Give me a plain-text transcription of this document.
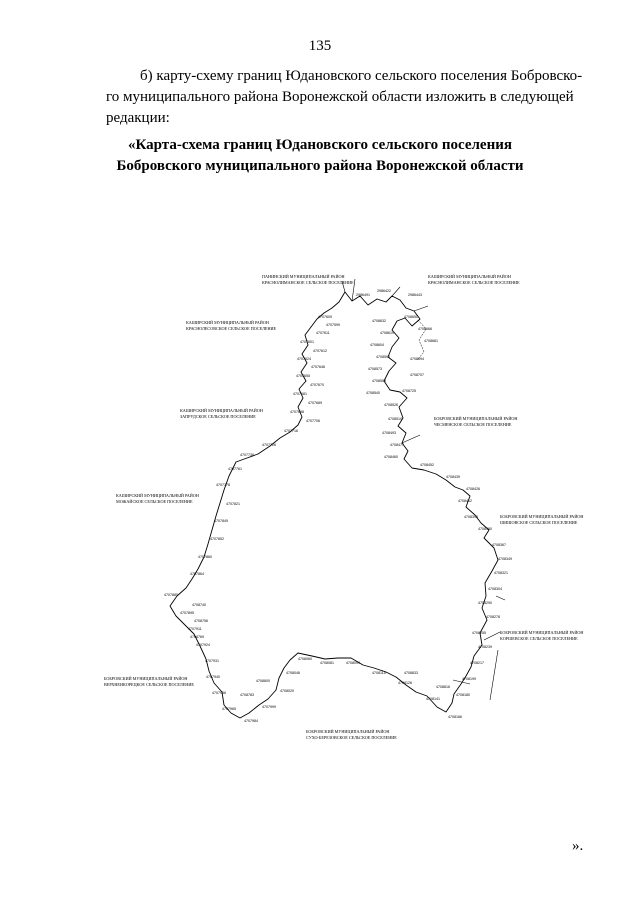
135

б) карту-схему границ Юдановского сельского поселения Бобровско-

го муниципального района Воронежской области изложить в следующей
редакции:
«Карта-схема границ Юдановского сельского поселения
Бобровского муниципального района Воронежской области
2986491
2986422
2986443
4707609
4707599
4707611
4707601
4707612
4707624
4707646
4707655
4707670
4707681
4707689
4707698
4707706
4707716
4707726
4707736
4707761
4707778
4707821
4707849
4707852
4707860
4707864
4707885
4707895
4707911
4707924
4707931
4707940
4707956
4707965
4707984
4707999
4708020
4708046
4708060
4708081	4708099
4708115
4708126
4708141
4708166
4708180
4708199
4708217
4708239
4708255
4708278
4708290
4708304
4708321
4708349
4708367
4708380
4708395
4708412
4708426
4708439
4708452
4708460
4708477
4708493
4708510
4708526
4708540
4708559
4708573
4708590
4708604
4708619
4708632
4708650
4708666
4708681
4708694
4708707
4708725
4708740
4708756
4708769
4708783
4708800
4708816
4708833
ПАНИНСКИЙ МУНИЦИПАЛЬНЫЙ РАЙОН
КРАСНОЛИМАНСКОЕ СЕЛЬСКОЕ ПОСЕЛЕНИЕ
КАШИРСКИЙ МУНИЦИПАЛЬНЫЙ РАЙОН
КРАСНОЛИМАНСКОЕ СЕЛЬСКОЕ ПОСЕЛЕНИЕ
КАШИРСКИЙ МУНИЦИПАЛЬНЫЙ РАЙОН
КРАСНОЛЕСОВСКОЕ СЕЛЬСКОЕ ПОСЕЛЕНИЕ
КАШИРСКИЙ МУНИЦИПАЛЬНЫЙ РАЙОН
ЗАПРУДСКОЕ СЕЛЬСКОЕ ПОСЕЛЕНИЕ	БОБРОВСКИЙ МУНИЦИПАЛЬНЫЙ РАЙОН
ЧЕСМЕНСКОЕ СЕЛЬСКОЕ ПОСЕЛЕНИЕ
КАШИРСКИЙ МУНИЦИПАЛЬНЫЙ РАЙОН
МОЖАЙСКОЕ СЕЛЬСКОЕ ПОСЕЛЕНИЕ
БОБРОВСКИЙ МУНИЦИПАЛЬНЫЙ РАЙОН
ШИШОВСКОЕ СЕЛЬСКОЕ ПОСЕЛЕНИЕ
БОБРОВСКИЙ МУНИЦИПАЛЬНЫЙ РАЙОН
КОРШЕВСКОЕ СЕЛЬСКОЕ ПОСЕЛЕНИЕ
БОБРОВСКИЙ МУНИЦИПАЛЬНЫЙ РАЙОН
ВЕРХНЕИКОРЕЦКОЕ СЕЛЬСКОЕ ПОСЕЛЕНИЕ
БОБРОВСКИЙ МУНИЦИПАЛЬНЫЙ РАЙОН
СУХО-БЕРЕЗОВСКОЕ СЕЛЬСКОЕ ПОСЕЛЕНИЕ
».
